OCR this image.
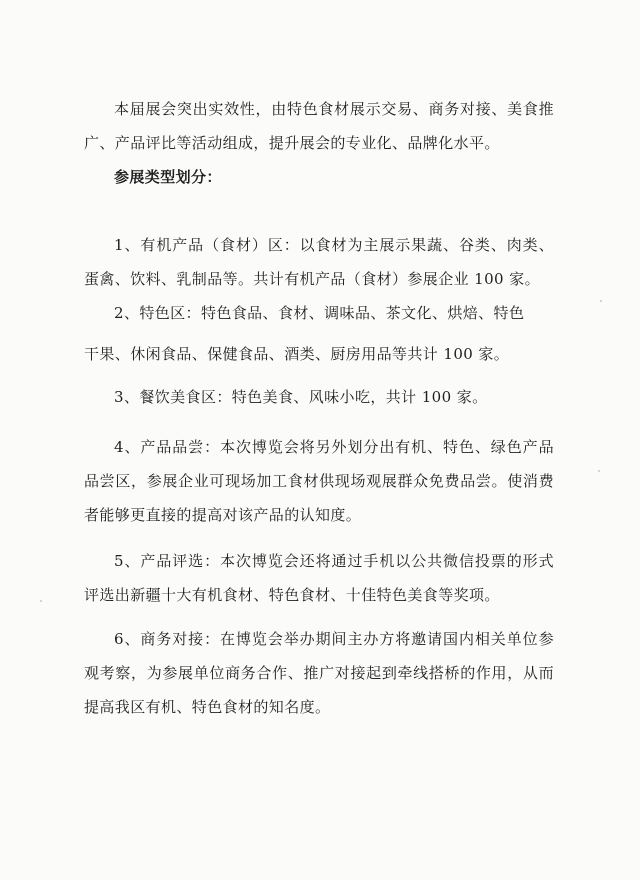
本届展会突出实效性，由特色食材展示交易、商务对接、美食推广、产品评比等活动组成，提升展会的专业化、品牌化水平。

参展类型划分：

1、有机产品（食材）区：以食材为主展示果蔬、谷类、肉类、蛋禽、饮料、乳制品等。共计有机产品（食材）参展企业 100 家。

2、特色区：特色食品、食材、调味品、茶文化、烘焙、特色

干果、休闲食品、保健食品、酒类、厨房用品等共计 100 家。

3、餐饮美食区：特色美食、风味小吃，共计 100 家。

4、产品品尝：本次博览会将另外划分出有机、特色、绿色产品品尝区，参展企业可现场加工食材供现场观展群众免费品尝。使消费者能够更直接的提高对该产品的认知度。

5、产品评选：本次博览会还将通过手机以公共微信投票的形式评选出新疆十大有机食材、特色食材、十佳特色美食等奖项。

6、商务对接：在博览会举办期间主办方将邀请国内相关单位参观考察，为参展单位商务合作、推广对接起到牵线搭桥的作用，从而提高我区有机、特色食材的知名度。
